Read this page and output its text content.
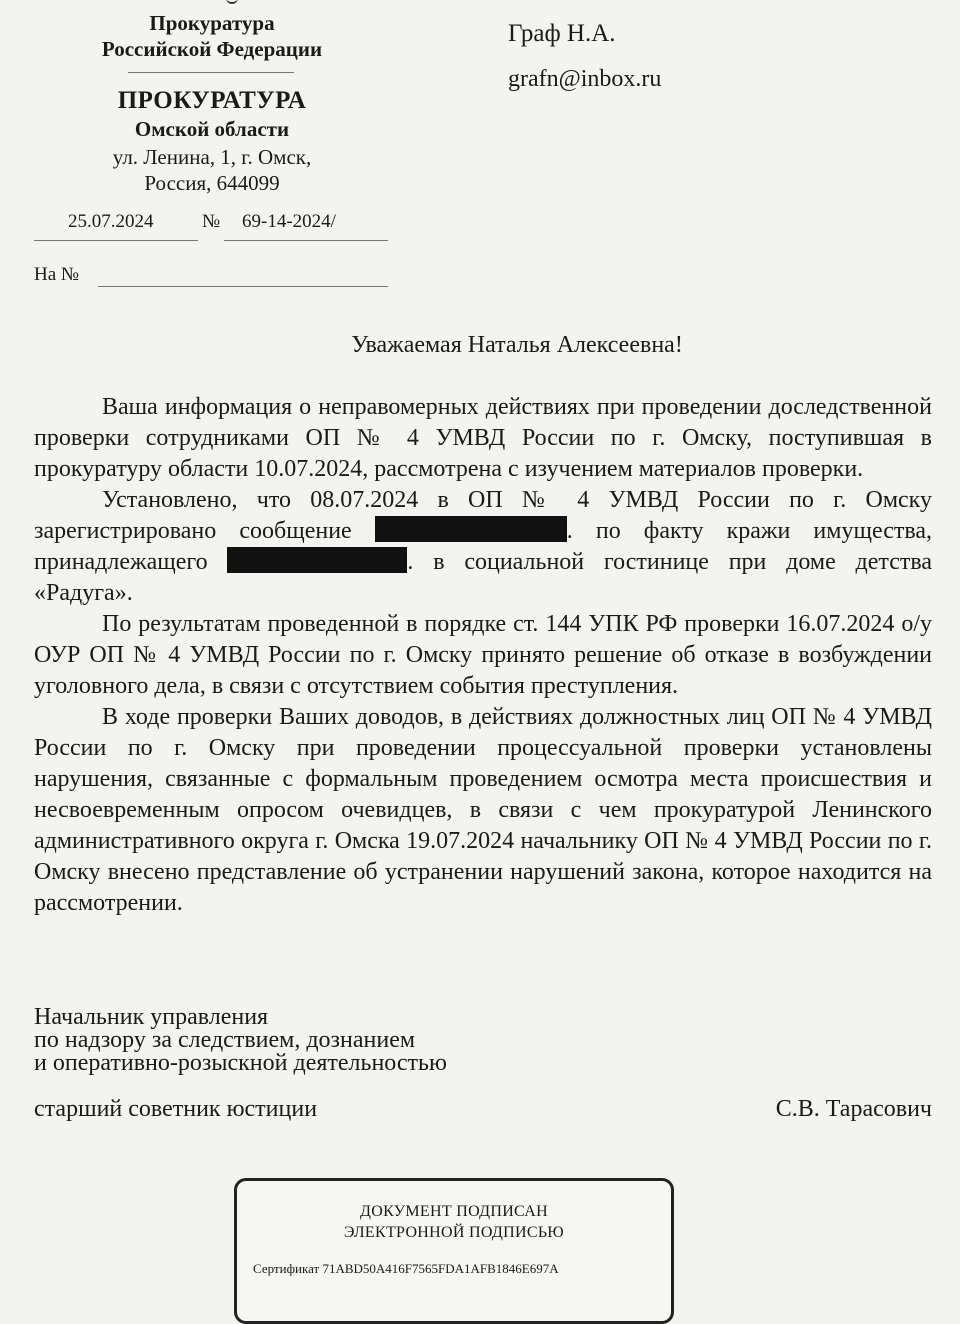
Прокуратура
Российской Федерации
ПРОКУРАТУРА
Омской области
ул. Ленина, 1, г. Омск,
Россия, 644099
25.07.2024	№ 69-14-2024/
На №
Граф Н.А.
grafn@inbox.ru
Уважаемая Наталья Алексеевна!

Ваша информация о неправомерных действиях при проведении доследственной проверки сотрудниками ОП № 4 УМВД России по г. Омску, поступившая в прокуратуру области 10.07.2024, рассмотрена с изучением материалов проверки.

Установлено, что 08.07.2024 в ОП № 4 УМВД России по г. Омску зарегистрировано сообщение	. по факту кражи имущества, принадлежащего	. в социальной гостинице при доме детства «Радуга».

По результатам проведенной в порядке ст. 144 УПК РФ проверки 16.07.2024 о/у ОУР ОП № 4 УМВД России по г. Омску принято решение об отказе в возбуждении уголовного дела, в связи с отсутствием события преступления.

В ходе проверки Ваших доводов, в действиях должностных лиц ОП № 4 УМВД России по г. Омску при проведении процессуальной проверки установлены нарушения, связанные с формальным проведением осмотра места происшествия и несвоевременным опросом очевидцев, в связи с чем прокуратурой Ленинского административного округа г. Омска 19.07.2024 начальнику ОП № 4 УМВД России по г. Омску внесено представление об устранении нарушений закона, которое находится на рассмотрении.

Начальник управления
по надзору за следствием, дознанием
и оперативно-розыскной деятельностью
старший советник юстиции	С.В. Тарасович
ДОКУМЕНТ ПОДПИСАН
ЭЛЕКТРОННОЙ ПОДПИСЬЮ
Сертификат 71ABD50A416F7565FDA1AFB1846E697A
